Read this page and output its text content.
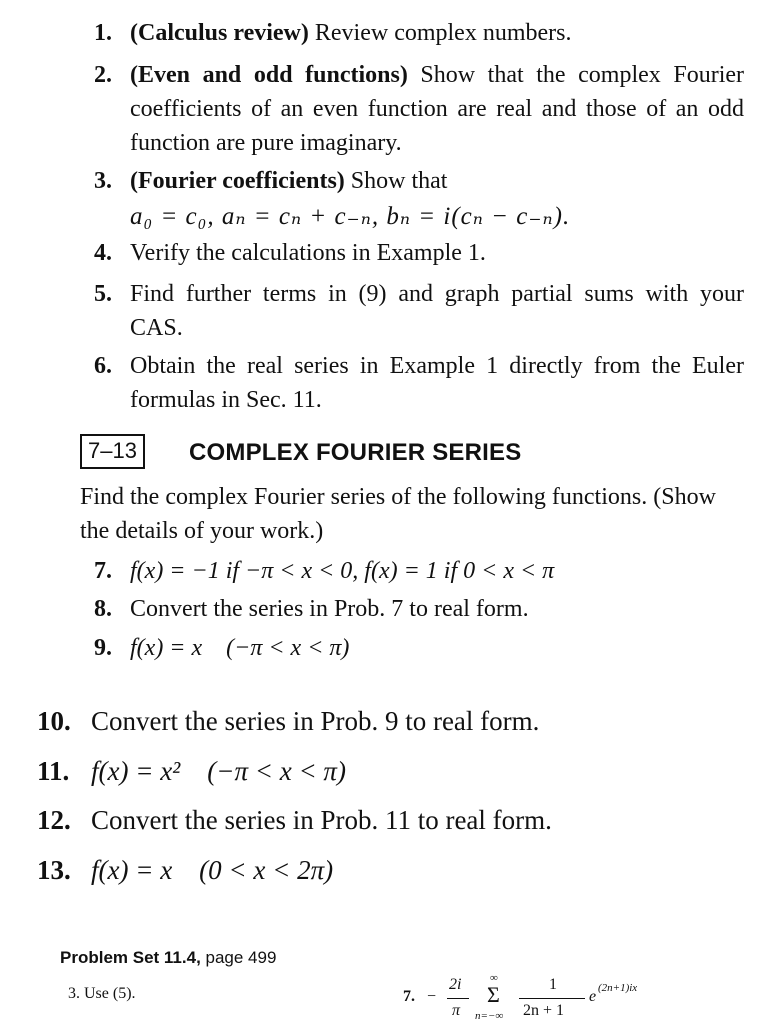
1. (Calculus review) Review complex numbers.
2. (Even and odd functions) Show that the complex Fourier coefficients of an even function are real and those of an odd function are pure imaginary.
3. (Fourier coefficients) Show that
a₀ = c₀, aₙ = cₙ + c₋ₙ, bₙ = i(cₙ − c₋ₙ).
4. Verify the calculations in Example 1.
5. Find further terms in (9) and graph partial sums with your CAS.
6. Obtain the real series in Example 1 directly from the Euler formulas in Sec. 11.
7–13	COMPLEX FOURIER SERIES
Find the complex Fourier series of the following functions. (Show the details of your work.)
7. f(x) = −1 if −π < x < 0, f(x) = 1 if 0 < x < π
8. Convert the series in Prob. 7 to real form.
9. f(x) = x    (−π < x < π)
10. Convert the series in Prob. 9 to real form.
11. f(x) = x²    (−π < x < π)
12. Convert the series in Prob. 11 to real form.
13. f(x) = x    (0 < x < 2π)
Problem Set 11.4, page 499
3. Use (5).	7. −
2i
π
∞
Σ
n=−∞
1
2n + 1
e (2n+1)ix
